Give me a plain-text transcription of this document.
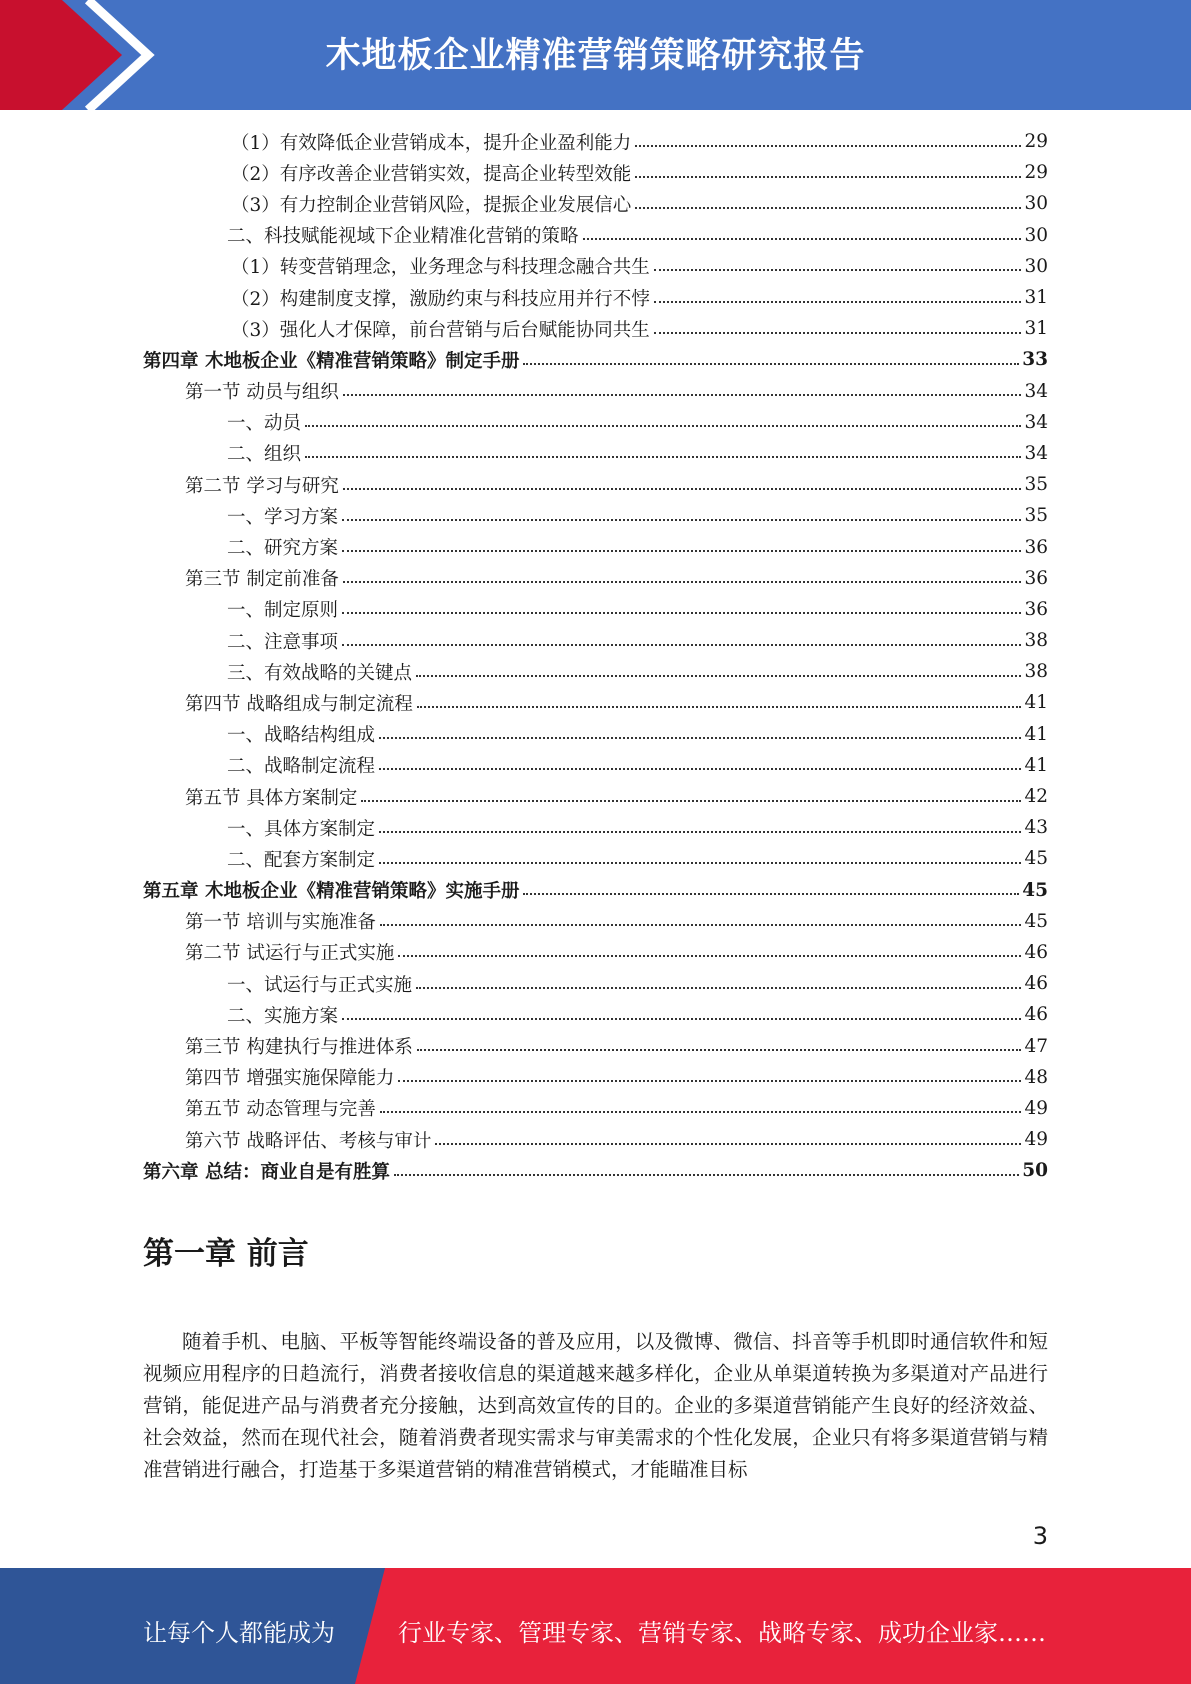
木地板企业精准营销策略研究报告
（1）有效降低企业营销成本，提升企业盈利能力	29
（2）有序改善企业营销实效，提高企业转型效能	29
（3）有力控制企业营销风险，提振企业发展信心	30
二、科技赋能视域下企业精准化营销的策略	30
（1）转变营销理念，业务理念与科技理念融合共生	30
（2）构建制度支撑，激励约束与科技应用并行不悖	31
（3）强化人才保障，前台营销与后台赋能协同共生	31
第四章 木地板企业《精准营销策略》制定手册	33
第一节 动员与组织	34
一、动员	34
二、组织	34
第二节 学习与研究	35
一、学习方案	35
二、研究方案	36
第三节 制定前准备	36
一、制定原则	36
二、注意事项	38
三、有效战略的关键点	38
第四节 战略组成与制定流程	41
一、战略结构组成	41
二、战略制定流程	41
第五节 具体方案制定	42
一、具体方案制定	43
二、配套方案制定	45
第五章 木地板企业《精准营销策略》实施手册	45
第一节 培训与实施准备	45
第二节 试运行与正式实施	46
一、试运行与正式实施	46
二、实施方案	46
第三节 构建执行与推进体系	47
第四节 增强实施保障能力	48
第五节 动态管理与完善	49
第六节 战略评估、考核与审计	49
第六章 总结：商业自是有胜算	50
第一章 前言

随着手机、电脑、平板等智能终端设备的普及应用，以及微博、微信、抖音等手机即时通信软件和短视频应用程序的日趋流行，消费者接收信息的渠道越来越多样化，企业从单渠道转换为多渠道对产品进行营销，能促进产品与消费者充分接触，达到高效宣传的目的。企业的多渠道营销能产生良好的经济效益、社会效益，然而在现代社会，随着消费者现实需求与审美需求的个性化发展，企业只有将多渠道营销与精准营销进行融合，打造基于多渠道营销的精准营销模式，才能瞄准目标

3
让每个人都能成为	行业专家、管理专家、营销专家、战略专家、成功企业家……
